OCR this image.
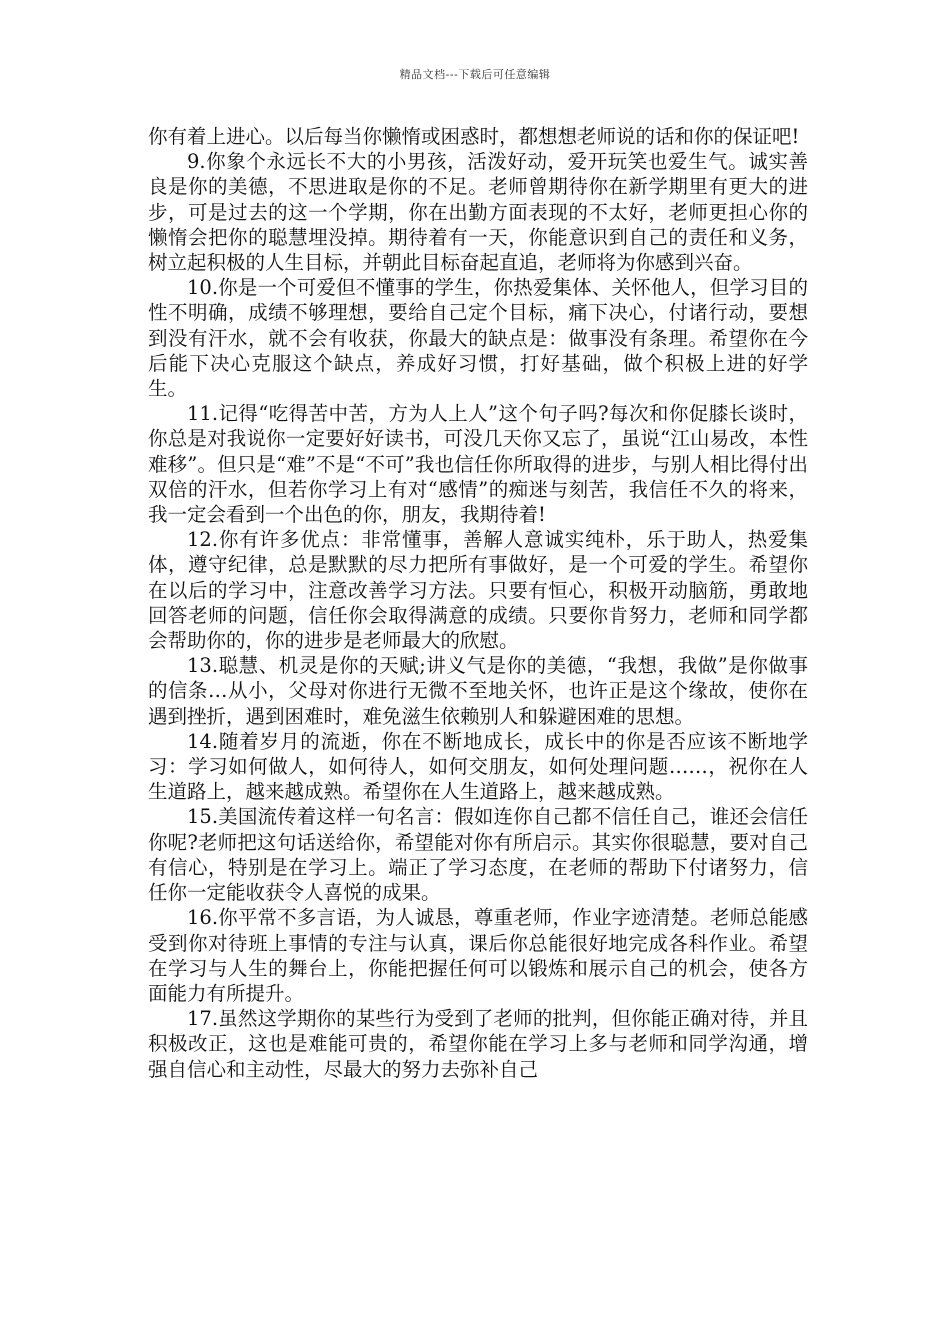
精品文档---下载后可任意编辑

你有着上进心。以后每当你懒惰或困惑时，都想想老师说的话和你的保证吧!

9.你象个永远长不大的小男孩，活泼好动，爱开玩笑也爱生气。诚实善良是你的美德，不思进取是你的不足。老师曾期待你在新学期里有更大的进步，可是过去的这一个学期，你在出勤方面表现的不太好，老师更担心你的懒惰会把你的聪慧埋没掉。期待着有一天，你能意识到自己的责任和义务，树立起积极的人生目标，并朝此目标奋起直追，老师将为你感到兴奋。

10.你是一个可爱但不懂事的学生，你热爱集体、关怀他人，但学习目的性不明确，成绩不够理想，要给自己定个目标，痛下决心，付诸行动，要想到没有汗水，就不会有收获，你最大的缺点是：做事没有条理。希望你在今后能下决心克服这个缺点，养成好习惯，打好基础，做个积极上进的好学生。

11.记得“吃得苦中苦，方为人上人”这个句子吗?每次和你促膝长谈时，你总是对我说你一定要好好读书，可没几天你又忘了，虽说“江山易改，本性难移”。但只是“难”不是“不可”我也信任你所取得的进步，与别人相比得付出双倍的汗水，但若你学习上有对“感情”的痴迷与刻苦，我信任不久的将来，我一定会看到一个出色的你，朋友，我期待着!

12.你有许多优点：非常懂事，善解人意诚实纯朴，乐于助人，热爱集体，遵守纪律，总是默默的尽力把所有事做好，是一个可爱的学生。希望你在以后的学习中，注意改善学习方法。只要有恒心，积极开动脑筋，勇敢地回答老师的问题，信任你会取得满意的成绩。只要你肯努力，老师和同学都会帮助你的，你的进步是老师最大的欣慰。

13.聪慧、机灵是你的天赋;讲义气是你的美德，“我想，我做”是你做事的信条…从小，父母对你进行无微不至地关怀，也许正是这个缘故，使你在遇到挫折，遇到困难时，难免滋生依赖别人和躲避困难的思想。

14.随着岁月的流逝，你在不断地成长，成长中的你是否应该不断地学习：学习如何做人，如何待人，如何交朋友，如何处理问题……，祝你在人生道路上，越来越成熟。希望你在人生道路上，越来越成熟。

15.美国流传着这样一句名言：假如连你自己都不信任自己，谁还会信任你呢?老师把这句话送给你，希望能对你有所启示。其实你很聪慧，要对自己有信心，特别是在学习上。端正了学习态度，在老师的帮助下付诸努力，信任你一定能收获令人喜悦的成果。

16.你平常不多言语，为人诚恳，尊重老师，作业字迹清楚。老师总能感受到你对待班上事情的专注与认真，课后你总能很好地完成各科作业。希望在学习与人生的舞台上，你能把握任何可以锻炼和展示自己的机会，使各方面能力有所提升。

17.虽然这学期你的某些行为受到了老师的批判，但你能正确对待，并且积极改正，这也是难能可贵的，希望你能在学习上多与老师和同学沟通，增强自信心和主动性，尽最大的努力去弥补自己
